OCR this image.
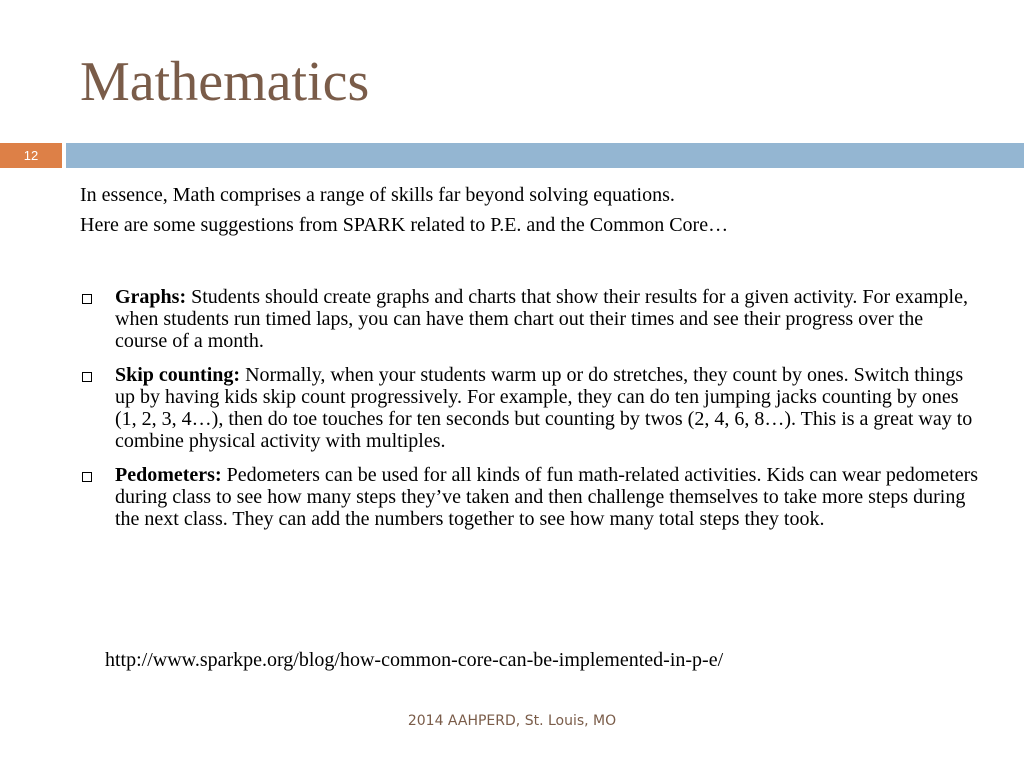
Mathematics
12

In essence, Math comprises a range of skills far beyond solving equations.

Here are some suggestions from SPARK related to P.E. and the Common Core…

Graphs: Students should create graphs and charts that show their results for a given activity. For example, when students run timed laps, you can have them chart out their times and see their progress over the course of a month.
Skip counting: Normally, when your students warm up or do stretches, they count by ones. Switch things up by having kids skip count progressively. For example, they can do ten jumping jacks counting by ones (1, 2, 3, 4…), then do toe touches for ten seconds but counting by twos (2, 4, 6, 8…). This is a great way to combine physical activity with multiples.
Pedometers: Pedometers can be used for all kinds of fun math-related activities. Kids can wear pedometers during class to see how many steps they’ve taken and then challenge themselves to take more steps during the next class. They can add the numbers together to see how many total steps they took.
http://www.sparkpe.org/blog/how-common-core-can-be-implemented-in-p-e/
2014 AAHPERD, St. Louis, MO
